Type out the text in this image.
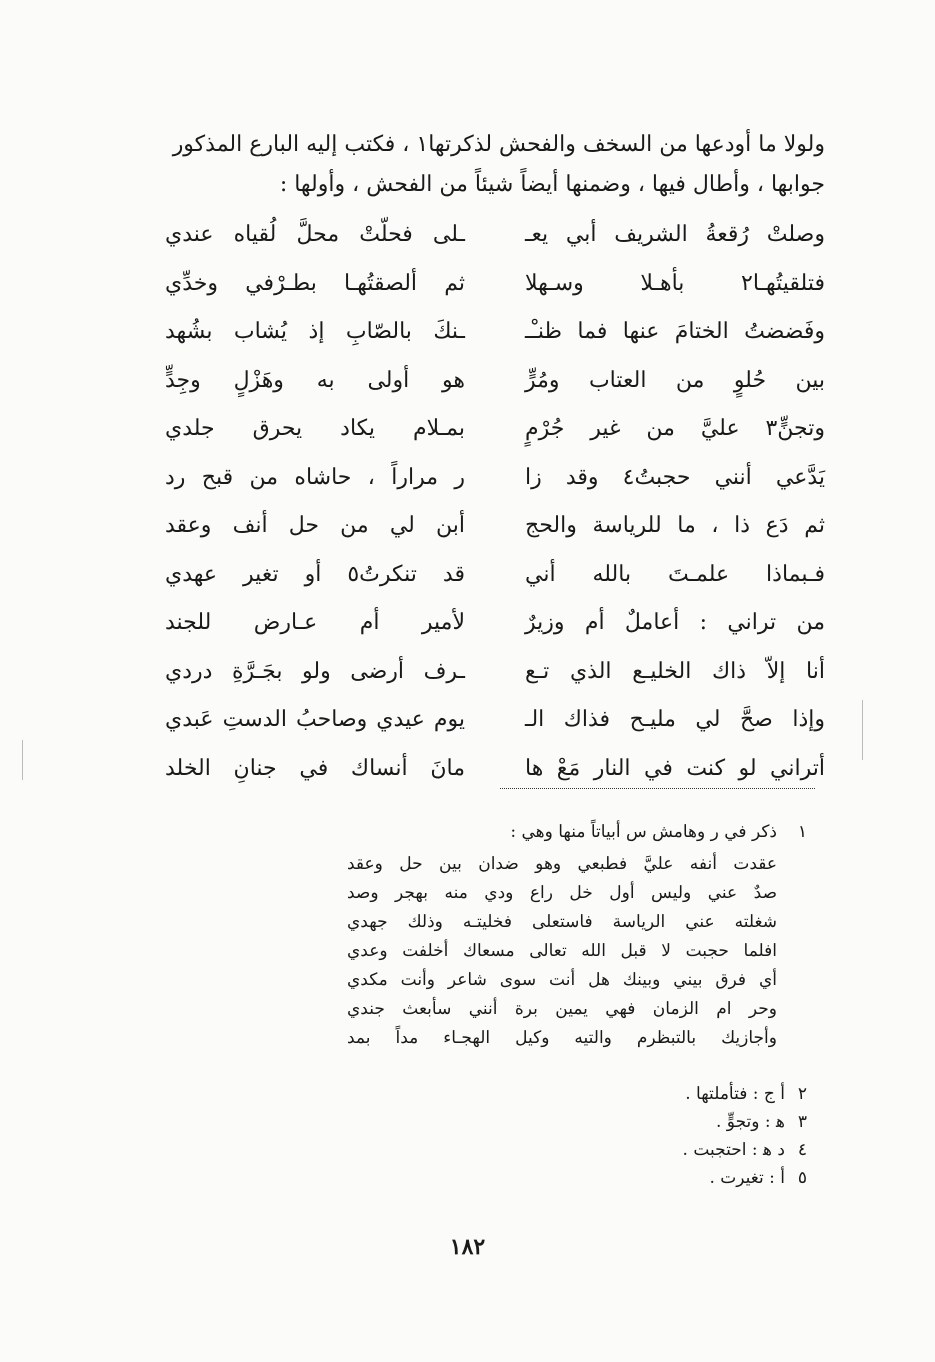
ولولا ما أودعها من السخف والفحش لذكرتها١ ، فكتب إليه البارع المذكور

جوابها ، وأطال فيها ، وضمنها أيضاً شيئاً من الفحش ، وأولها :

وصلتْ رُقعةُ الشريف أبي يعـ
ـلى فحلّتْ محلَّ لُقياه عندي
فتلقيتُهـا٢ بأهـلا وسـهلا
ثم ألصقتُهـا بطـرْفي وخدِّي
وفَضضتُ الختامَ عنها فما ظنـْـ
ـنكَ بالصّابِ إذ يُشاب بشُهد
بين حُلوٍ من العتاب ومُرٍّ
هو أولى به وهَزْلٍ وجِدٍّ
وتجنٍّ٣ عليَّ من غير جُرْمٍ
بمـلام يكاد يحرق جلدي
يَدَّعي أنني حجبتُ٤ وقد زا
ر مراراً ، حاشاه من قبح رد
ثم دَع ذا ، ما للرياسة والحج
أبن لي من حل أنف وعقد
فـبماذا علمـتَ بالله أني
قد تنكرتُ٥ أو تغير عهدي
من تراني : أعاملٌ أم وزيرٌ
لأمير أم عـارض للجند
أنا إلاّ ذاك الخليـع الذي تـع
ـرف أرضى ولو بجَـرَّةِ دردي
وإذا صحَّ لي مليـح فذاك الـ
يوم عيدي وصاحبُ الدستِ عَبدي
أتراني لو كنت في النار مَعْ ها
مانَ أنساك في جنانِ الخلد

١ذكر في ر وهامش س أبياتاً منها وهي :

عقدت أنفه عليَّ فطبعي وهو ضدان بين حل وعقد
صدٌ عني وليس أول خل راع ودي منه بهجر وصد
شغلته عني الرياسة فاستعلى فخليتـه وذلك جهدي
افلما حجبت لا قبل الله تعالى مسعاك أخلفت وعدي
أي فرق بيني وبينك هل أنت سوى شاعر وأنت مكدي
وحر ام الزمان فهي يمين برة أنني سأبعث جندي
وأجازيك بالتبظرم والتيه وكيل الهجـاء مداً بمد
٢أ ج : فتأملتها .
٣ﻫ : وتجوٍّ .
٤د ﻫ : احتجبت .
٥أ : تغيرت .
١٨٢
